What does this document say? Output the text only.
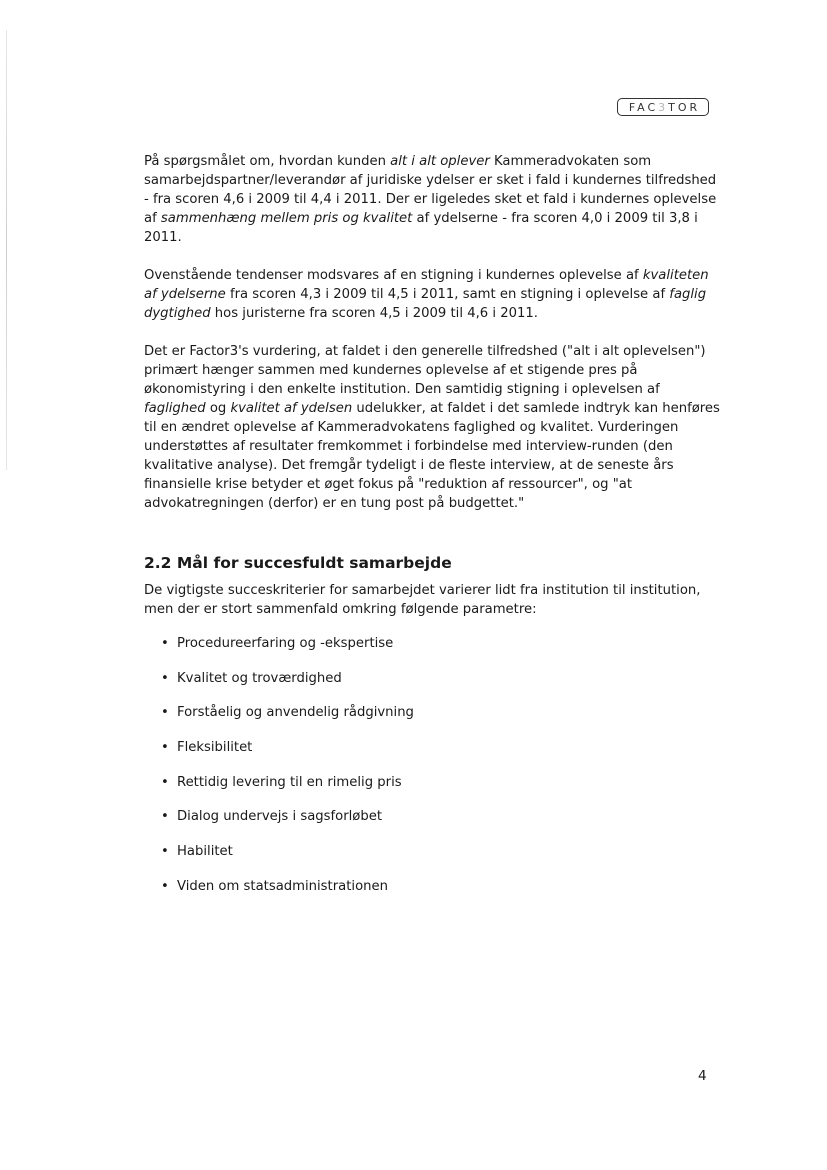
FAC 3 TOR

På spørgsmålet om, hvordan kunden alt i alt oplever Kammeradvokaten som samarbejdspartner/leverandør af juridiske ydelser er sket i fald i kundernes tilfredshed - fra scoren 4,6 i 2009 til 4,4 i 2011. Der er ligeledes sket et fald i kundernes oplevelse af sammenhæng mellem pris og kvalitet af ydelserne - fra scoren 4,0 i 2009 til 3,8 i 2011.

Ovenstående tendenser modsvares af en stigning i kundernes oplevelse af kvaliteten af ydelserne fra scoren 4,3 i 2009 til 4,5 i 2011, samt en stigning i oplevelse af faglig dygtighed hos juristerne fra scoren 4,5 i 2009 til 4,6 i 2011.

Det er Factor3's vurdering, at faldet i den generelle tilfredshed ("alt i alt oplevelsen") primært hænger sammen med kundernes oplevelse af et stigende pres på økonomistyring i den enkelte institution. Den samtidig stigning i oplevelsen af faglighed og kvalitet af ydelsen udelukker, at faldet i det samlede indtryk kan henføres til en ændret oplevelse af Kammeradvokatens faglighed og kvalitet. Vurderingen understøttes af resultater fremkommet i forbindelse med interview-runden (den kvalitative analyse). Det fremgår tydeligt i de fleste interview, at de seneste års finansielle krise betyder et øget fokus på "reduktion af ressourcer", og "at advokatregningen (derfor) er en tung post på budgettet."

2.2 Mål for succesfuldt samarbejde
De vigtigste succeskriterier for samarbejdet varierer lidt fra institution til institution, men der er stort sammenfald omkring følgende parametre:
• Procedureerfaring og -ekspertise
• Kvalitet og troværdighed
• Forståelig og anvendelig rådgivning
• Fleksibilitet
• Rettidig levering til en rimelig pris
• Dialog undervejs i sagsforløbet
• Habilitet
• Viden om statsadministrationen
4
